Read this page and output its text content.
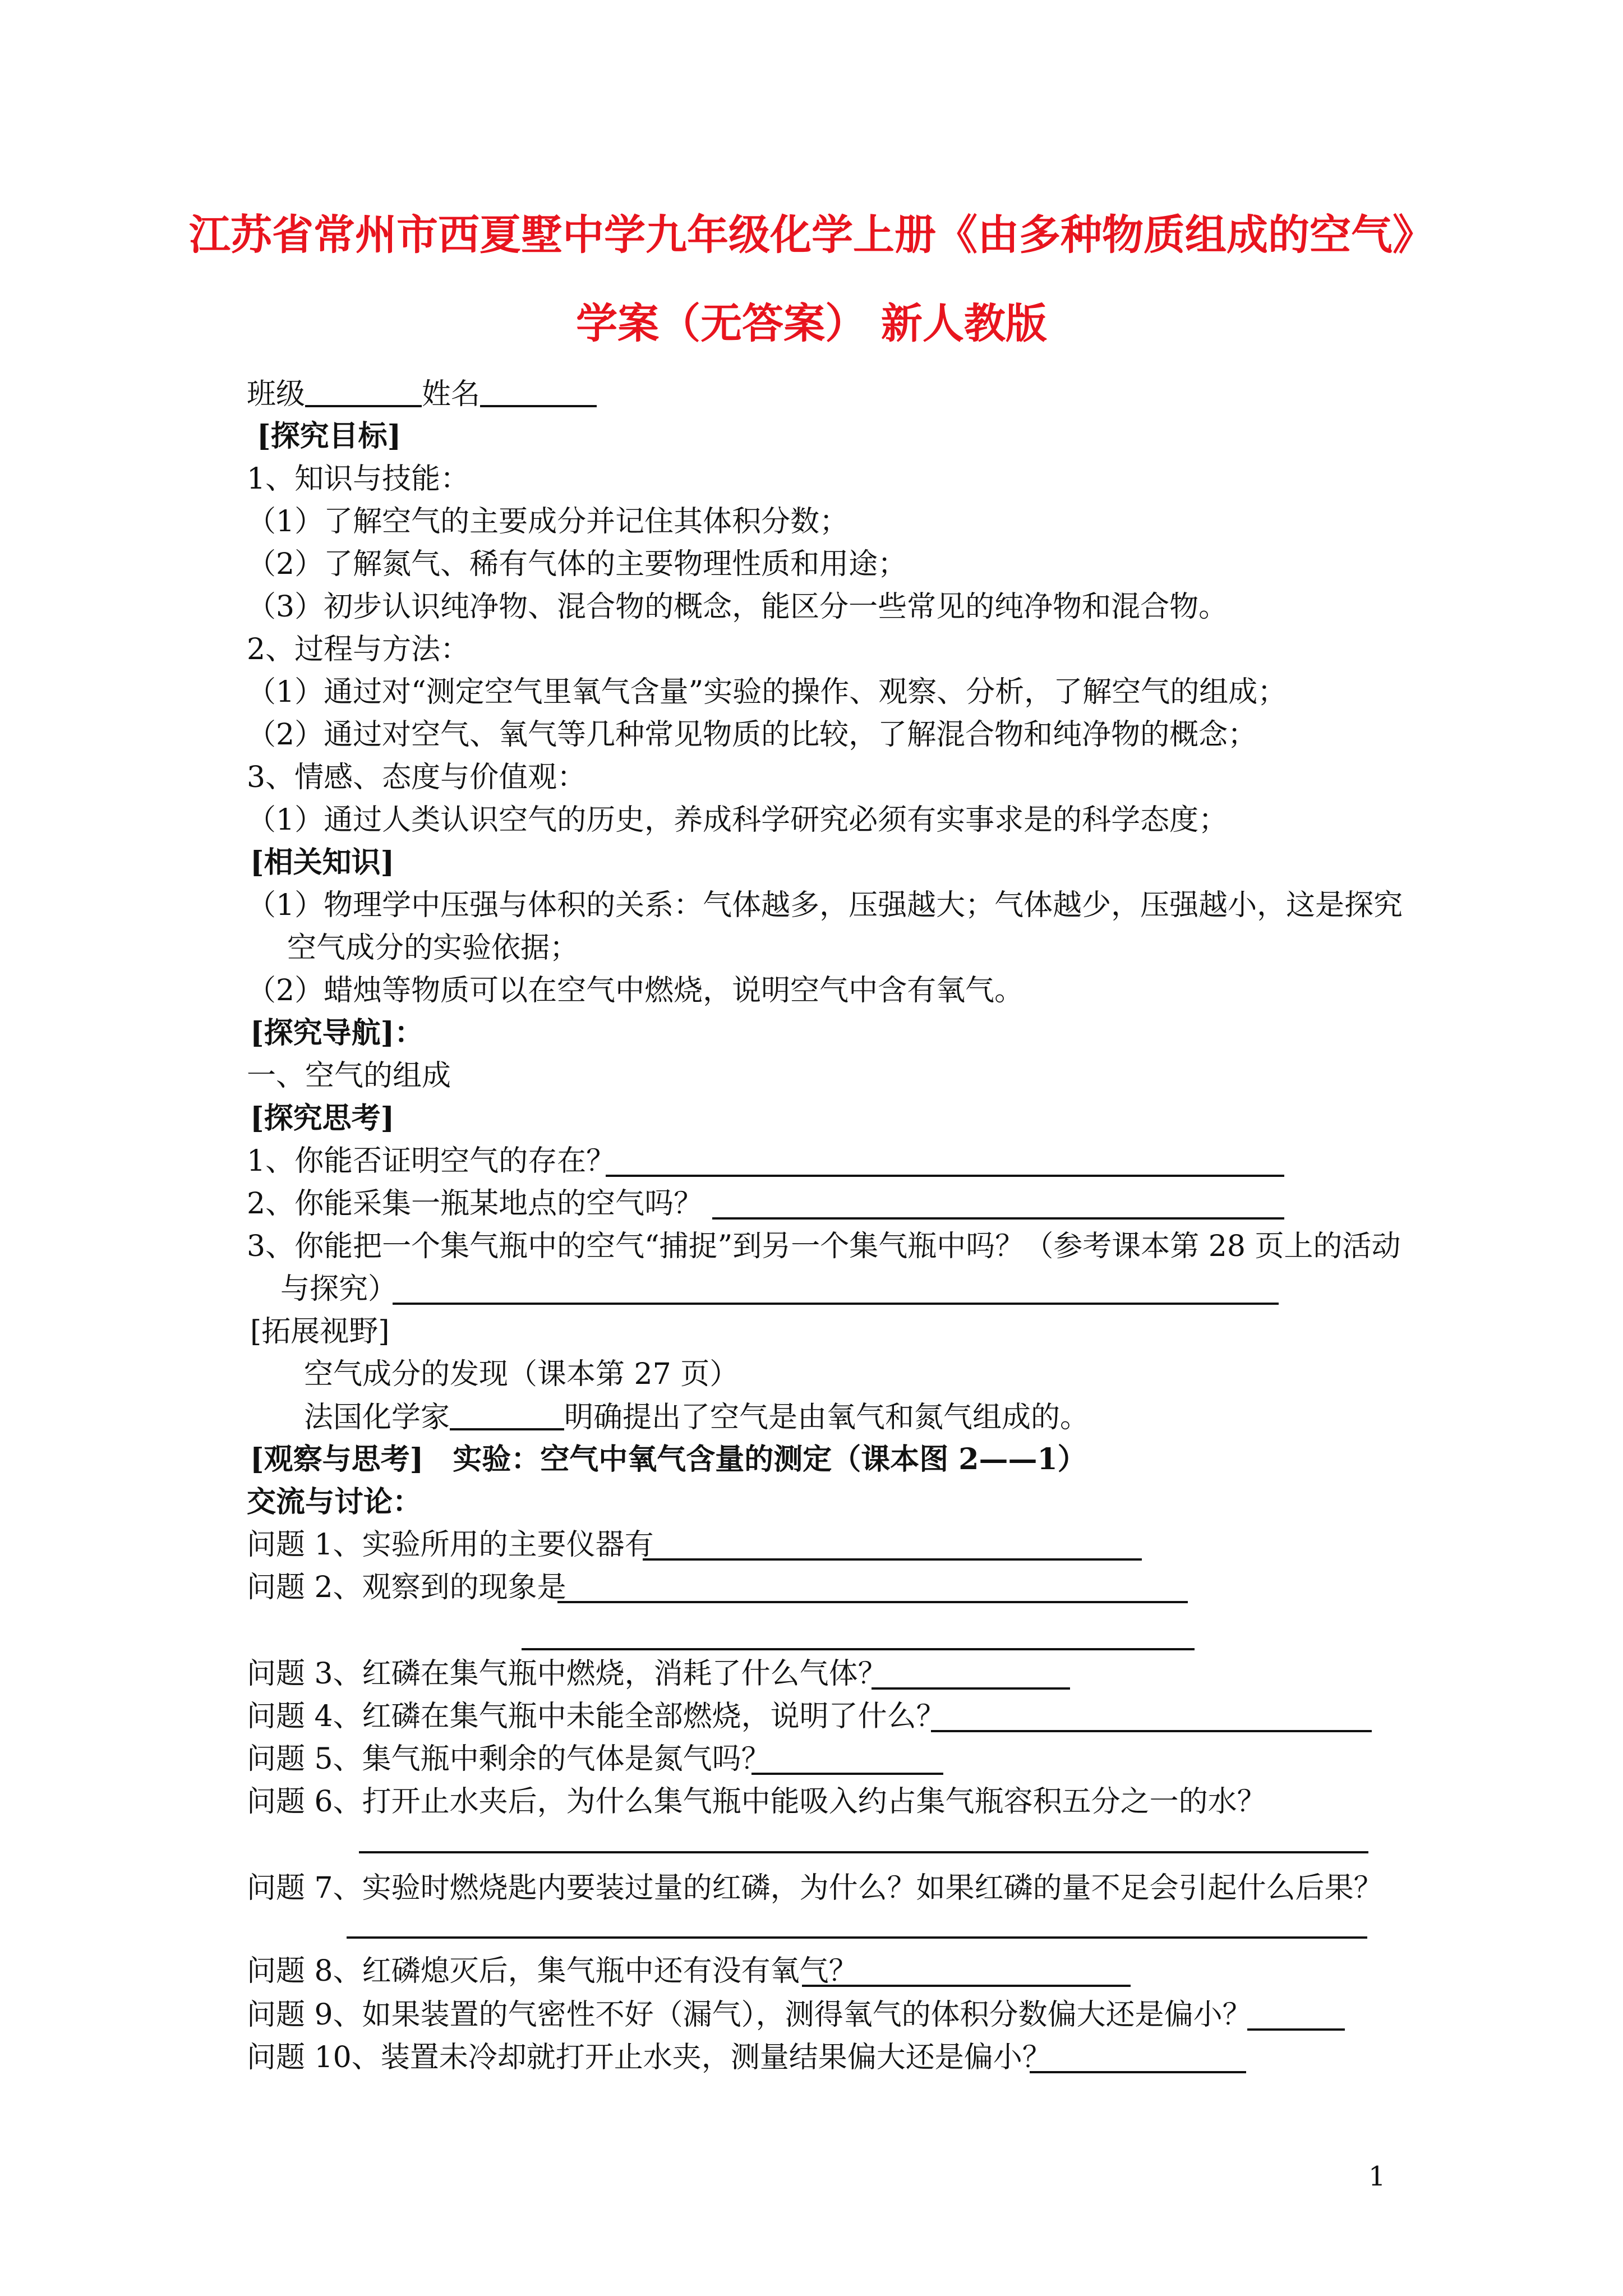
江苏省常州市西夏墅中学九年级化学上册《由多种物质组成的空气》
学案（无答案） 新人教版
班级	姓名
[探究目标]
1、知识与技能：
（1）了解空气的主要成分并记住其体积分数；
（2）了解氮气、稀有气体的主要物理性质和用途；
（3）初步认识纯净物、混合物的概念，能区分一些常见的纯净物和混合物。
2、过程与方法：
（1）通过对“测定空气里氧气含量”实验的操作、观察、分析，了解空气的组成；
（2）通过对空气、氧气等几种常见物质的比较，了解混合物和纯净物的概念；
3、情感、态度与价值观：
（1）通过人类认识空气的历史，养成科学研究必须有实事求是的科学态度；
[相关知识]
（1）物理学中压强与体积的关系：气体越多，压强越大；气体越少，压强越小，这是探究
空气成分的实验依据；
（2）蜡烛等物质可以在空气中燃烧，说明空气中含有氧气。
[探究导航]：
一、空气的组成
[探究思考]
1、你能否证明空气的存在？
2、你能采集一瓶某地点的空气吗？
3、你能把一个集气瓶中的空气“捕捉”到另一个集气瓶中吗？（参考课本第 28 页上的活动
与探究）
[拓展视野]
空气成分的发现（课本第 27 页）
法国化学家	明确提出了空气是由氧气和氮气组成的。
[观察与思考]　实验：空气中氧气含量的测定（课本图 2——1）
交流与讨论：
问题 1、实验所用的主要仪器有
问题 2、观察到的现象是
问题 3、红磷在集气瓶中燃烧，消耗了什么气体？
问题 4、红磷在集气瓶中未能全部燃烧，说明了什么？
问题 5、集气瓶中剩余的气体是氮气吗？
问题 6、打开止水夹后，为什么集气瓶中能吸入约占集气瓶容积五分之一的水？
问题 7、实验时燃烧匙内要装过量的红磷，为什么？如果红磷的量不足会引起什么后果？
问题 8、红磷熄灭后，集气瓶中还有没有氧气？
问题 9、如果装置的气密性不好（漏气），测得氧气的体积分数偏大还是偏小？
问题 10、装置未冷却就打开止水夹，测量结果偏大还是偏小？
1
